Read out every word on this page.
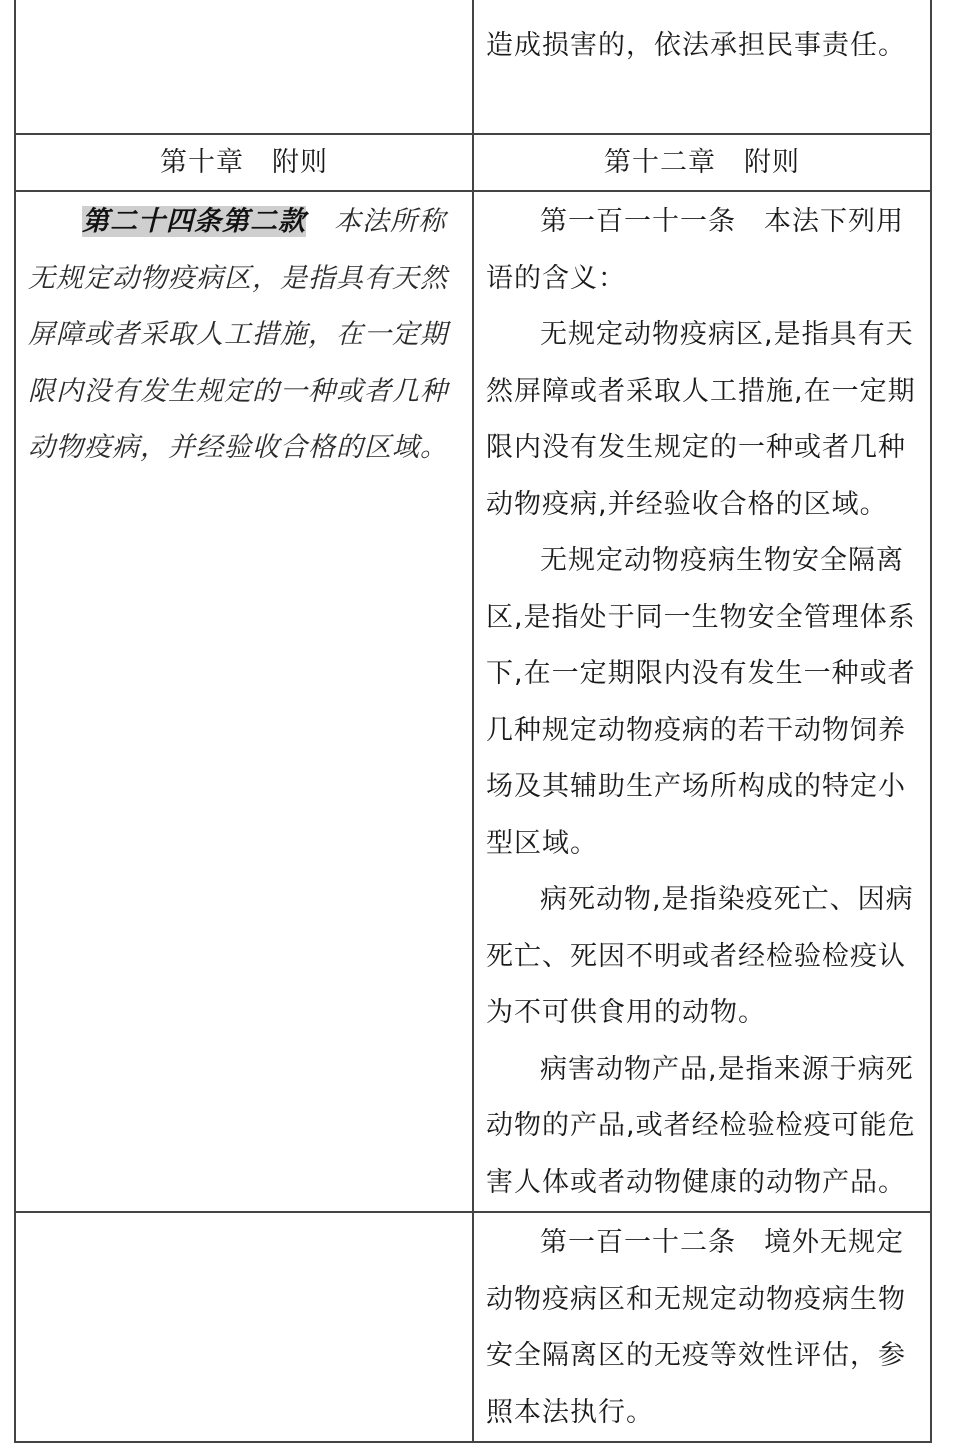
	造成损害的，依法承担民事责任。

第十章　附则	第十二章　附则

第二十四条第二款　本法所称无规定动物疫病区，是指具有天然屏障或者采取人工措施，在一定期限内没有发生规定的一种或者几种动物疫病，并经验收合格的区域。	第一百一十一条　本法下列用语的含义：

无规定动物疫病区,是指具有天然屏障或者采取人工措施,在一定期限内没有发生规定的一种或者几种动物疫病,并经验收合格的区域。

无规定动物疫病生物安全隔离区,是指处于同一生物安全管理体系下,在一定期限内没有发生一种或者几种规定动物疫病的若干动物饲养场及其辅助生产场所构成的特定小型区域。

病死动物,是指染疫死亡、因病死亡、死因不明或者经检验检疫认为不可供食用的动物。

病害动物产品,是指来源于病死动物的产品,或者经检验检疫可能危害人体或者动物健康的动物产品。

	第一百一十二条　境外无规定动物疫病区和无规定动物疫病生物安全隔离区的无疫等效性评估，参照本法执行。
